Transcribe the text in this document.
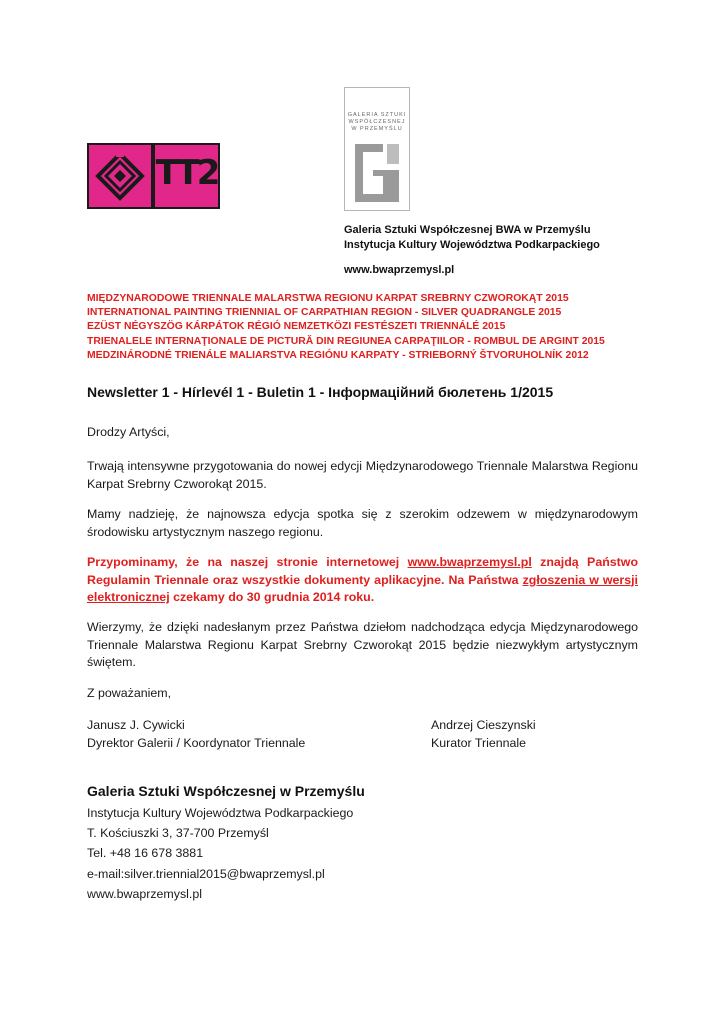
TT2
GALERIA SZTUKI
WSPÓŁCZESNEJ
W PRZEMYŚLU
Galeria Sztuki Współczesnej BWA w Przemyślu
Instytucja Kultury Województwa Podkarpackiego
www.bwaprzemysl.pl
MIĘDZYNARODOWE TRIENNALE MALARSTWA REGIONU KARPAT SREBRNY CZWOROKĄT 2015
INTERNATIONAL PAINTING TRIENNIAL OF CARPATHIAN REGION - SILVER QUADRANGLE 2015
EZÜST NÉGYSZÖG KÁRPÁTOK RÉGIÓ NEMZETKÖZI FESTÉSZETI TRIENNÁLÉ 2015
TRIENALELE INTERNAŢIONALE DE PICTURĂ DIN REGIUNEA CARPAŢIILOR - ROMBUL DE ARGINT 2015
MEDZINÁRODNÉ TRIENÁLE MALIARSTVA REGIÓNU KARPATY - STRIEBORNÝ ŠTVORUHOLNÍK 2012
Newsletter 1 - Hírlevél 1 - Buletin 1 - Інформаційний бюлетень 1/2015
Drodzy Artyści,
Trwają intensywne przygotowania do nowej edycji Międzynarodowego Triennale Malarstwa Regionu Karpat Srebrny Czworokąt 2015.
Mamy nadzieję, że najnowsza edycja spotka się z szerokim odzewem w międzynarodowym środowisku artystycznym naszego regionu.
Przypominamy, że na naszej stronie internetowej www.bwaprzemysl.pl znajdą Państwo Regulamin Triennale oraz wszystkie dokumenty aplikacyjne. Na Państwa zgłoszenia w wersji elektronicznej czekamy do 30 grudnia 2014 roku.
Wierzymy, że dzięki nadesłanym przez Państwa dziełom nadchodząca edycja Międzynarodowego Triennale Malarstwa Regionu Karpat Srebrny Czworokąt 2015 będzie niezwykłym artystycznym świętem.
Z poważaniem,
Janusz J. Cywicki
Dyrektor Galerii / Koordynator Triennale
Andrzej Cieszynski
Kurator Triennale
Galeria Sztuki Współczesnej w Przemyślu
Instytucja Kultury Województwa Podkarpackiego
T. Kościuszki 3, 37-700 Przemyśl
Tel. +48 16 678 3881
e-mail:silver.triennial2015@bwaprzemysl.pl
www.bwaprzemysl.pl
